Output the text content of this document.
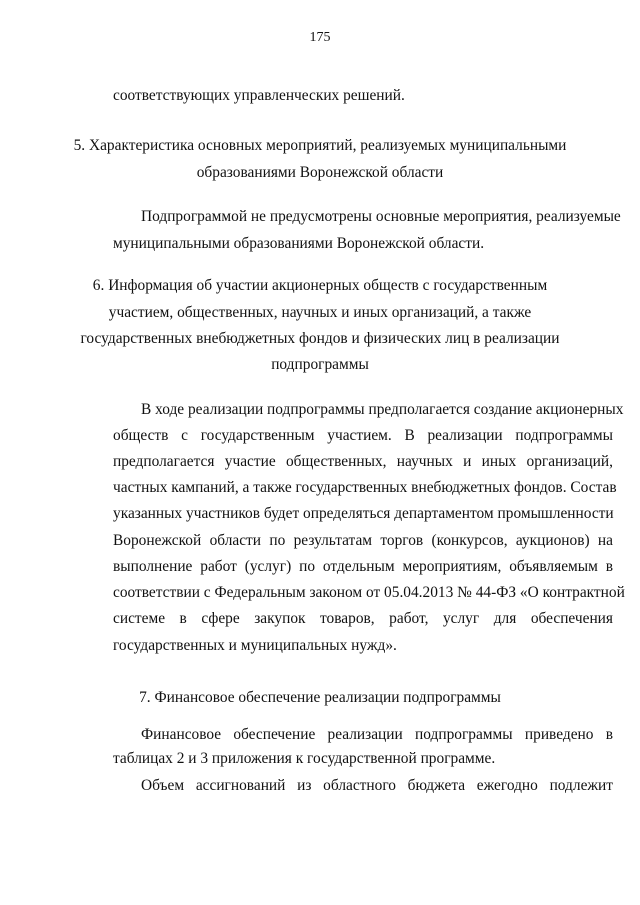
175
соответствующих управленческих решений.
5. Характеристика основных мероприятий, реализуемых муниципальными
образованиями Воронежской области
Подпрограммой не предусмотрены основные мероприятия, реализуемые
муниципальными образованиями Воронежской области.
6. Информация об участии акционерных обществ с государственным
участием, общественных, научных и иных организаций, а также
государственных внебюджетных фондов и физических лиц в реализации
подпрограммы
В ходе реализации подпрограммы предполагается создание акционерных
обществ с государственным участием. В реализации подпрограммы
предполагается участие общественных, научных и иных организаций,
частных кампаний, а также государственных внебюджетных фондов. Состав
указанных участников будет определяться департаментом промышленности
Воронежской области по результатам торгов (конкурсов, аукционов) на
выполнение работ (услуг) по отдельным мероприятиям, объявляемым в
соответствии с Федеральным законом от 05.04.2013 № 44-ФЗ «О контрактной
системе в сфере закупок товаров, работ, услуг для обеспечения
государственных и муниципальных нужд».
7. Финансовое обеспечение реализации подпрограммы
Финансовое обеспечение реализации подпрограммы приведено в
таблицах 2 и 3 приложения к государственной программе.
Объем ассигнований из областного бюджета ежегодно подлежит
